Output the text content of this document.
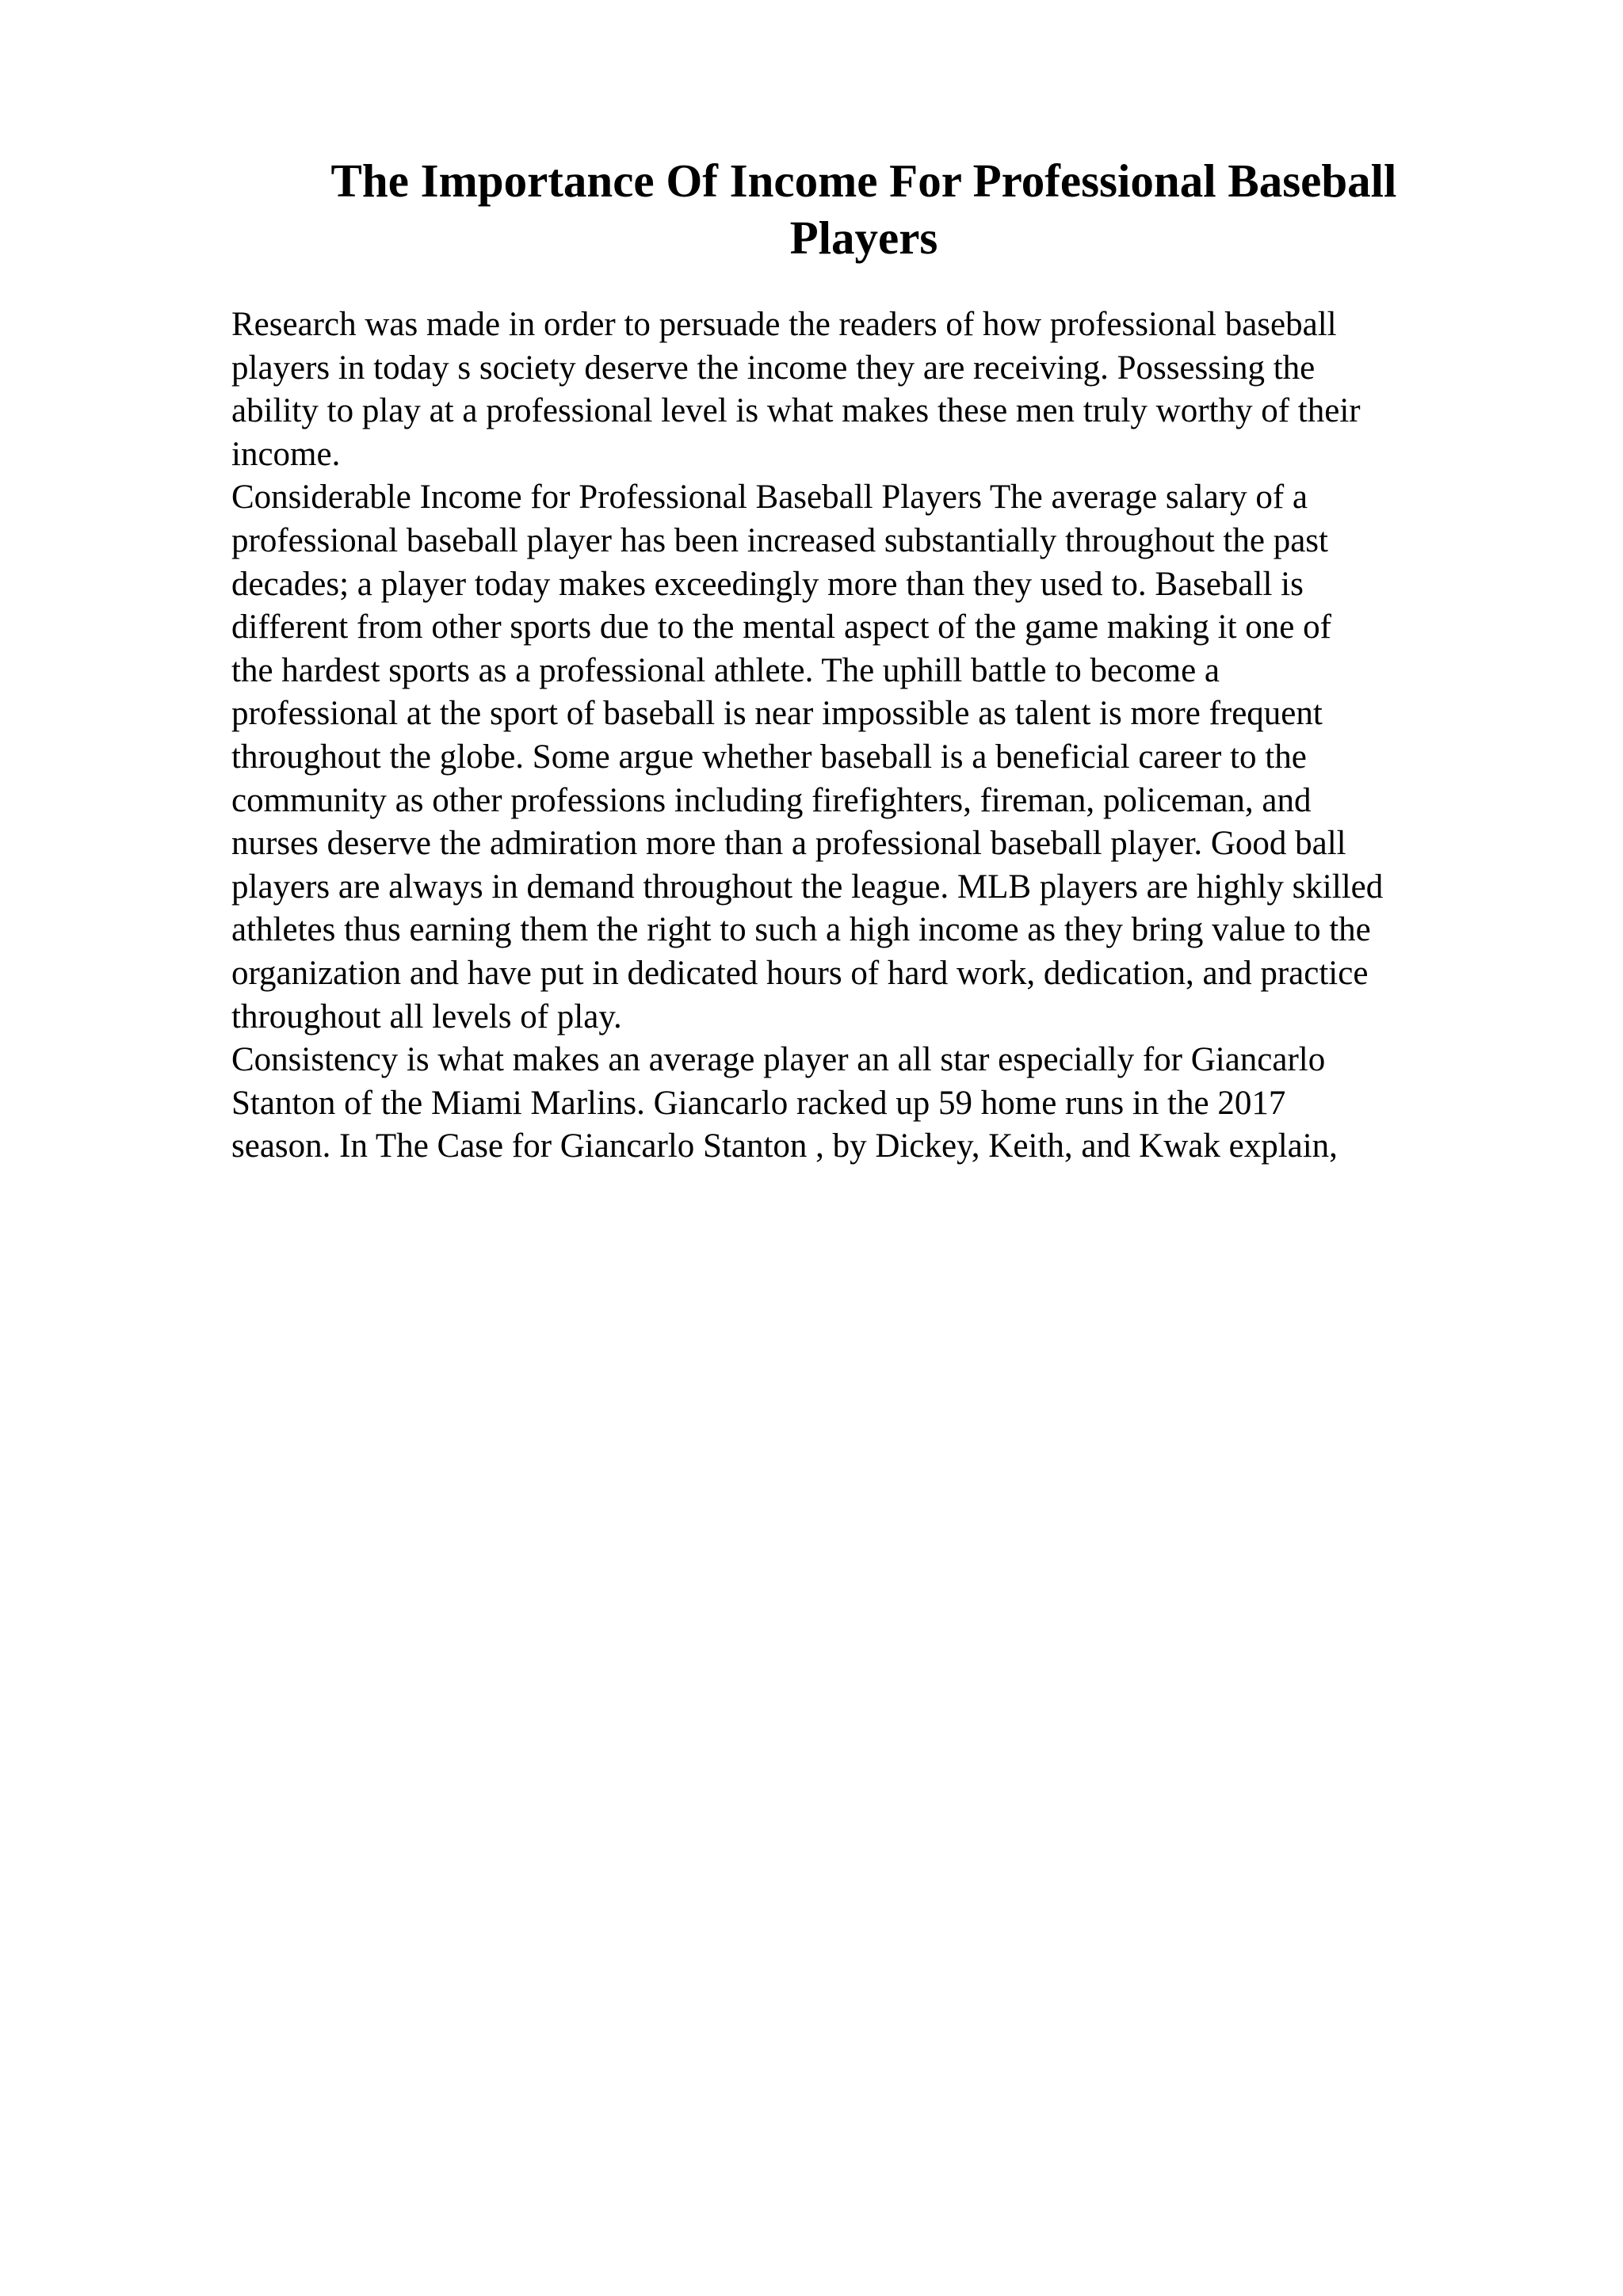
The Importance Of Income For Professional Baseball
Players
Research was made in order to persuade the readers of how professional baseball
players in today s society deserve the income they are receiving. Possessing the
ability to play at a professional level is what makes these men truly worthy of their
income.
Considerable Income for Professional Baseball Players The average salary of a
professional baseball player has been increased substantially throughout the past
decades; a player today makes exceedingly more than they used to. Baseball is
different from other sports due to the mental aspect of the game making it one of
the hardest sports as a professional athlete. The uphill battle to become a
professional at the sport of baseball is near impossible as talent is more frequent
throughout the globe. Some argue whether baseball is a beneficial career to the
community as other professions including firefighters, fireman, policeman, and
nurses deserve the admiration more than a professional baseball player. Good ball
players are always in demand throughout the league. MLB players are highly skilled
athletes thus earning them the right to such a high income as they bring value to the
organization and have put in dedicated hours of hard work, dedication, and practice
throughout all levels of play.
Consistency is what makes an average player an all star especially for Giancarlo
Stanton of the Miami Marlins. Giancarlo racked up 59 home runs in the 2017
season. In The Case for Giancarlo Stanton , by Dickey, Keith, and Kwak explain,
